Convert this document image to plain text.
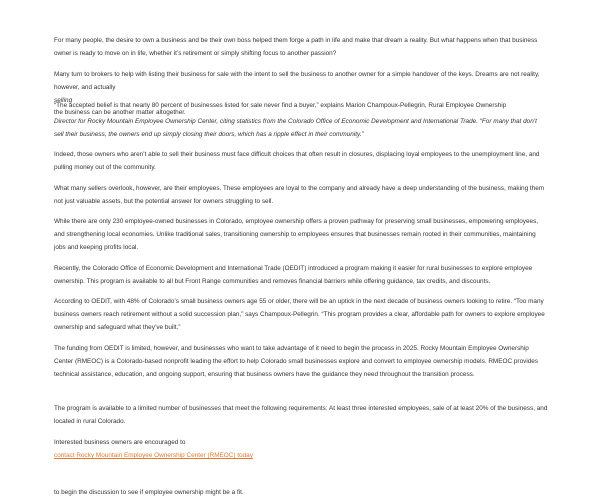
For many people, the desire to own a business and be their own boss helped them forge a path in life and make that dream a reality. But what happens when that business owner is ready to move on in life, whether it’s retirement or simply shifting focus to another passion?

Many turn to brokers to help with listing their business for sale with the intent to sell the business to another owner for a simple handover of the keys. Dreams are not reality, however, and actually

selling

“The accepted belief is that nearly 80 percent of businesses listed for sale never find a buyer,” explains Marion Champoux-Pellegrin, Rural Employee Ownership

the business can be another matter altogether.

Director for Rocky Mountain Employee Ownership Center, citing statistics from the Colorado Office of Economic Development and International Trade. “For many that don’t sell their business, the owners end up simply closing their doors, which has a ripple effect in their community.”

Indeed, those owners who aren’t able to sell their business must face difficult choices that often result in closures, displacing loyal employees to the unemployment line, and pulling money out of the community.

What many sellers overlook, however, are their employees. These employees are loyal to the company and already have a deep understanding of the business, making them not just valuable assets, but the potential answer for owners struggling to sell.

While there are only 230 employee-owned businesses in Colorado, employee ownership offers a proven pathway for preserving small businesses, empowering employees, and strengthening local economies. Unlike traditional sales, transitioning ownership to employees ensures that businesses remain rooted in their communities, maintaining jobs and keeping profits local.

Recently, the Colorado Office of Economic Development and International Trade (OEDIT) introduced a program making it easier for rural businesses to explore employee ownership. This program is available to all but Front Range communities and removes financial barriers while offering guidance, tax credits, and discounts.

According to OEDIT, with 48% of Colorado’s small business owners age 55 or older, there will be an uptick in the next decade of business owners looking to retire. “Too many business owners reach retirement without a solid succession plan,” says Champoux-Pellegrin. “This program provides a clear, affordable path for owners to explore employee ownership and safeguard what they’ve built.”

The funding from OEDIT is limited, however, and businesses who want to take advantage of it need to begin the process in 2025. Rocky Mountain Employee Ownership Center (RMEOC) is a Colorado-based nonprofit leading the effort to help Colorado small businesses explore and convert to employee ownership models. RMEOC provides technical assistance, education, and ongoing support, ensuring that business owners have the guidance they need throughout the transition process.

The program is available to a limited number of businesses that meet the following requirements: At least three interested employees, sale of at least 20% of the business, and located in rural Colorado.

Interested business owners are encouraged to

contact Rocky Mountain Employee Ownership Center (RMEOC) today

to begin the discussion to see if employee ownership might be a fit.
